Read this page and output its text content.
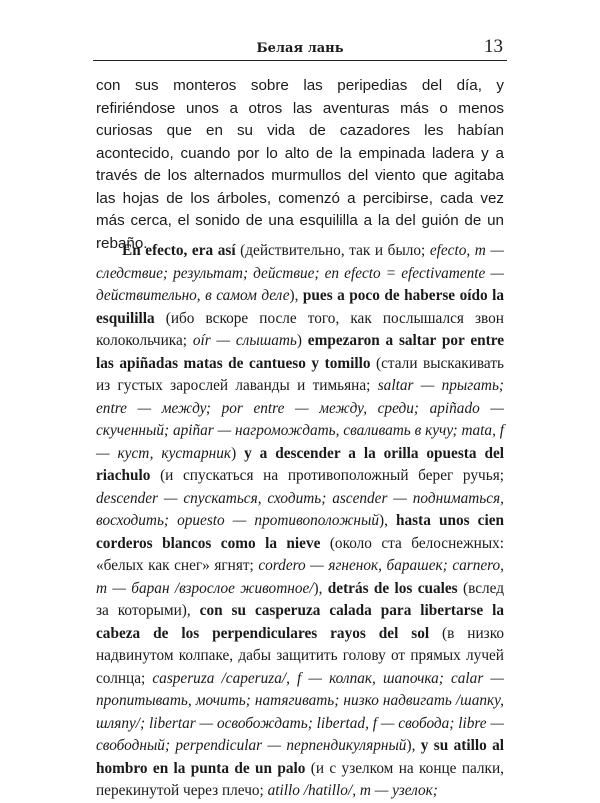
Белая лань	13

con sus monteros sobre las peripedias del día, y refiriéndose unos a otros las aventuras más o menos curiosas que en su vida de cazadores les habían acontecido, cuando por lo alto de la empinada ladera y a través de los alternados murmullos del viento que agitaba las hojas de los árboles, comenzó a percibirse, cada vez más cerca, el sonido de una esquililla a la del guión de un rebaño.

En efecto, era así (действительно, так и было; efecto, m — следствие; результат; действие; en efecto = efectivamente — действительно, в самом деле), pues a poco de haberse oído la esquililla (ибо вскоре после того, как послышался звон колокольчика; oír — слышать) empezaron a saltar por entre las apiñadas matas de cantueso y tomillo (стали выскакивать из густых зарослей лаванды и тимьяна; saltar — прыгать; entre — между; por entre — между, среди; apiñado — скученный; apiñar — нагромождать, сваливать в кучу; mata, f — куст, кустарник) y a descender a la orilla opuesta del riachulo (и спускаться на противоположный берег ручья; descender — спускаться, сходить; ascender — подниматься, восходить; opuesto — противоположный), hasta unos cien corderos blancos como la nieve (около ста белоснежных: «белых как снег» ягнят; cordero — ягненок, барашек; carnero, m — баран /взрослое животное/), detrás de los cuales (вслед за которыми), con su casperuza calada para libertarse la cabeza de los perpendiculares rayos del sol (в низко надвинутом колпаке, дабы защитить голову от прямых лучей солнца; casperuza /caperuza/, f — колпак, шапочка; calar — пропитывать, мочить; натягивать; низко надвигать /шапку, шляпу/; libertar — освобождать; libertad, f — свобода; libre — свободный; perpendicular — перпендикулярный), y su atillo al hombro en la punta de un palo (и с узелком на конце палки, перекинутой через плечо; atillo /hatillo/, m — узелок;
